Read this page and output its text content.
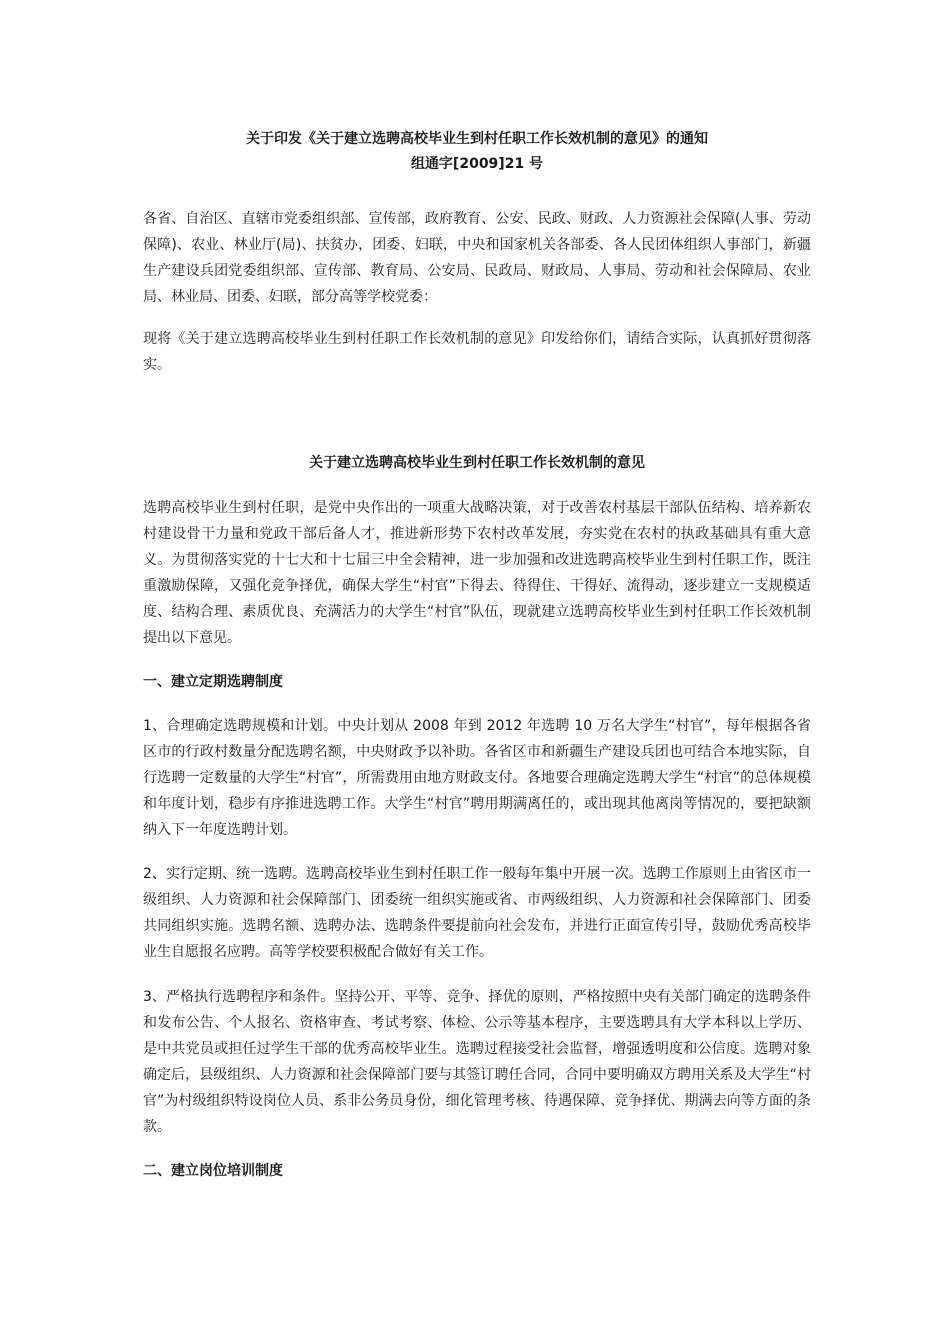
关于印发《关于建立选聘高校毕业生到村任职工作长效机制的意见》的通知

组通字[2009]21 号

各省、自治区、直辖市党委组织部、宣传部，政府教育、公安、民政、财政、人力资源社会保障(人事、劳动保障)、农业、林业厅(局)、扶贫办，团委、妇联，中央和国家机关各部委、各人民团体组织人事部门，新疆生产建设兵团党委组织部、宣传部、教育局、公安局、民政局、财政局、人事局、劳动和社会保障局、农业局、林业局、团委、妇联，部分高等学校党委：

现将《关于建立选聘高校毕业生到村任职工作长效机制的意见》印发给你们，请结合实际，认真抓好贯彻落实。

关于建立选聘高校毕业生到村任职工作长效机制的意见

选聘高校毕业生到村任职，是党中央作出的一项重大战略决策，对于改善农村基层干部队伍结构、培养新农村建设骨干力量和党政干部后备人才，推进新形势下农村改革发展，夯实党在农村的执政基础具有重大意义。为贯彻落实党的十七大和十七届三中全会精神，进一步加强和改进选聘高校毕业生到村任职工作，既注重激励保障，又强化竞争择优，确保大学生“村官”下得去、待得住、干得好、流得动，逐步建立一支规模适度、结构合理、素质优良、充满活力的大学生“村官”队伍，现就建立选聘高校毕业生到村任职工作长效机制提出以下意见。

一、建立定期选聘制度

1、合理确定选聘规模和计划。中央计划从 2008 年到 2012 年选聘 10 万名大学生“村官”，每年根据各省区市的行政村数量分配选聘名额，中央财政予以补助。各省区市和新疆生产建设兵团也可结合本地实际，自行选聘一定数量的大学生“村官”，所需费用由地方财政支付。各地要合理确定选聘大学生“村官”的总体规模和年度计划，稳步有序推进选聘工作。大学生“村官”聘用期满离任的，或出现其他离岗等情况的，要把缺额纳入下一年度选聘计划。

2、实行定期、统一选聘。选聘高校毕业生到村任职工作一般每年集中开展一次。选聘工作原则上由省区市一级组织、人力资源和社会保障部门、团委统一组织实施或省、市两级组织、人力资源和社会保障部门、团委共同组织实施。选聘名额、选聘办法、选聘条件要提前向社会发布，并进行正面宣传引导，鼓励优秀高校毕业生自愿报名应聘。高等学校要积极配合做好有关工作。

3、严格执行选聘程序和条件。坚持公开、平等、竞争、择优的原则，严格按照中央有关部门确定的选聘条件和发布公告、个人报名、资格审查、考试考察、体检、公示等基本程序，主要选聘具有大学本科以上学历、是中共党员或担任过学生干部的优秀高校毕业生。选聘过程接受社会监督，增强透明度和公信度。选聘对象确定后，县级组织、人力资源和社会保障部门要与其签订聘任合同，合同中要明确双方聘用关系及大学生“村官”为村级组织特设岗位人员、系非公务员身份，细化管理考核、待遇保障、竞争择优、期满去向等方面的条款。

二、建立岗位培训制度
